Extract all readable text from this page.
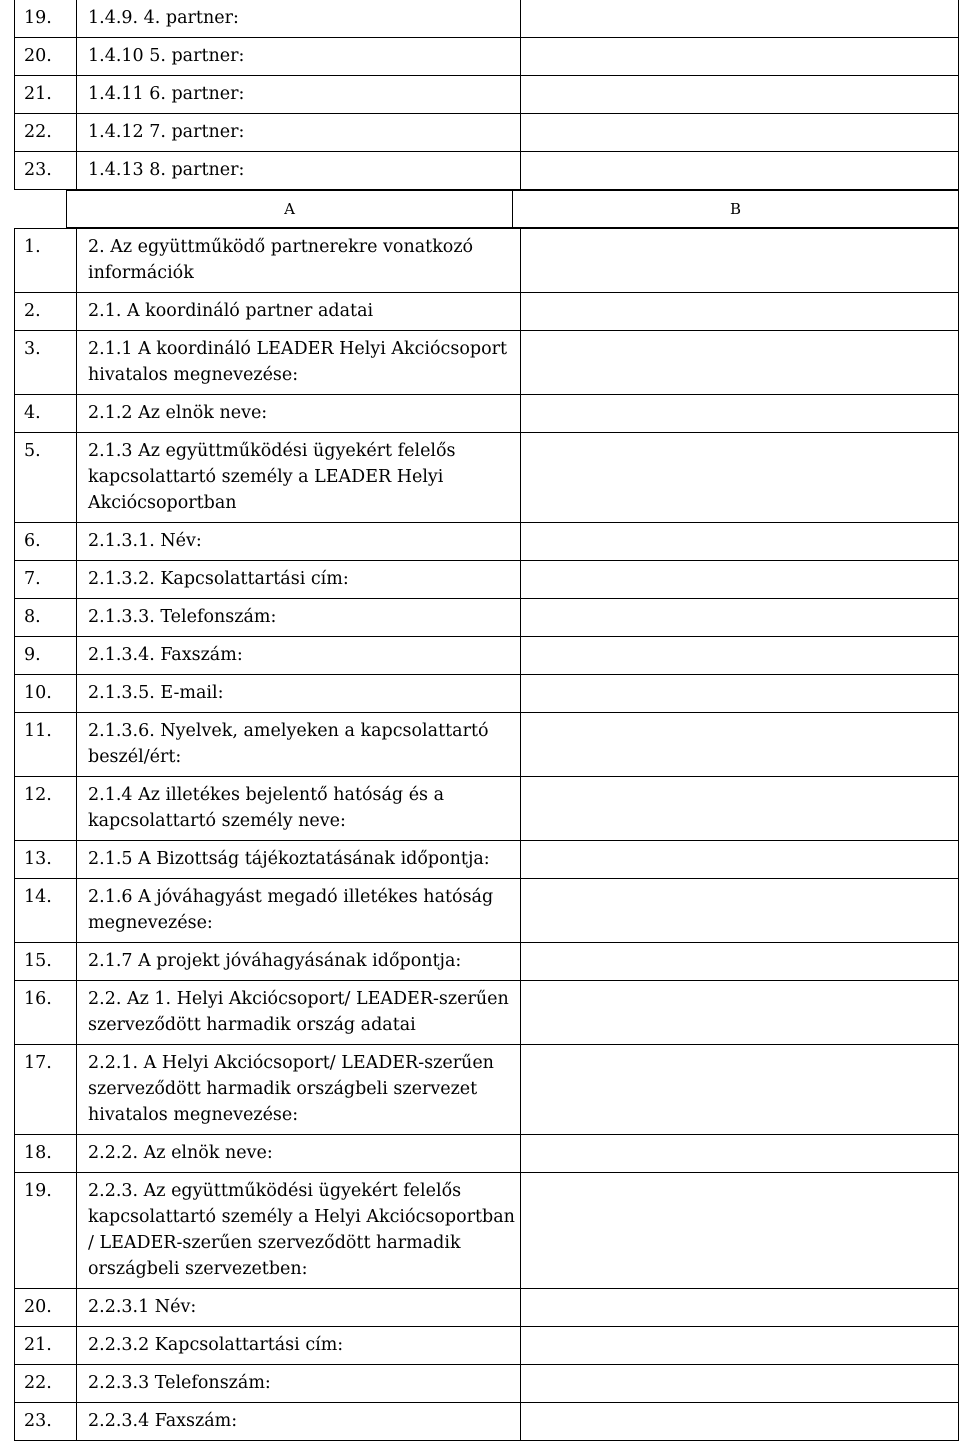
19.	1.4.9. 4. partner:	
20.	1.4.10 5. partner:	
21.	1.4.11 6. partner:	
22.	1.4.12 7. partner:	
23.	1.4.13 8. partner:	
A	B
1.	2. Az együttműködő partnerekre vonatkozó információk	
2.	2.1. A koordináló partner adatai	
3.	2.1.1 A koordináló LEADER Helyi Akciócsoport hivatalos megnevezése:	
4.	2.1.2 Az elnök neve:	
5.	2.1.3 Az együttműködési ügyekért felelős kapcsolattartó személy a LEADER Helyi Akciócsoportban	
6.	2.1.3.1. Név:	
7.	2.1.3.2. Kapcsolattartási cím:	
8.	2.1.3.3. Telefonszám:	
9.	2.1.3.4. Faxszám:	
10.	2.1.3.5. E-mail:	
11.	2.1.3.6. Nyelvek, amelyeken a kapcsolattartó beszél/ért:	
12.	2.1.4 Az illetékes bejelentő hatóság és a kapcsolattartó személy neve:	
13.	2.1.5 A Bizottság tájékoztatásának időpontja:	
14.	2.1.6 A jóváhagyást megadó illetékes hatóság megnevezése:	
15.	2.1.7 A projekt jóváhagyásának időpontja:	
16.	2.2. Az 1. Helyi Akciócsoport/ LEADER-szerűen szerveződött harmadik ország adatai	
17.	2.2.1. A Helyi Akciócsoport/ LEADER-szerűen szerveződött harmadik országbeli szervezet hivatalos megnevezése:	
18.	2.2.2. Az elnök neve:	
19.	2.2.3. Az együttműködési ügyekért felelős kapcsolattartó személy a Helyi Akciócsoportban / LEADER-szerűen szerveződött harmadik országbeli szervezetben:	
20.	2.2.3.1 Név:	
21.	2.2.3.2 Kapcsolattartási cím:	
22.	2.2.3.3 Telefonszám:	
23.	2.2.3.4 Faxszám:	
